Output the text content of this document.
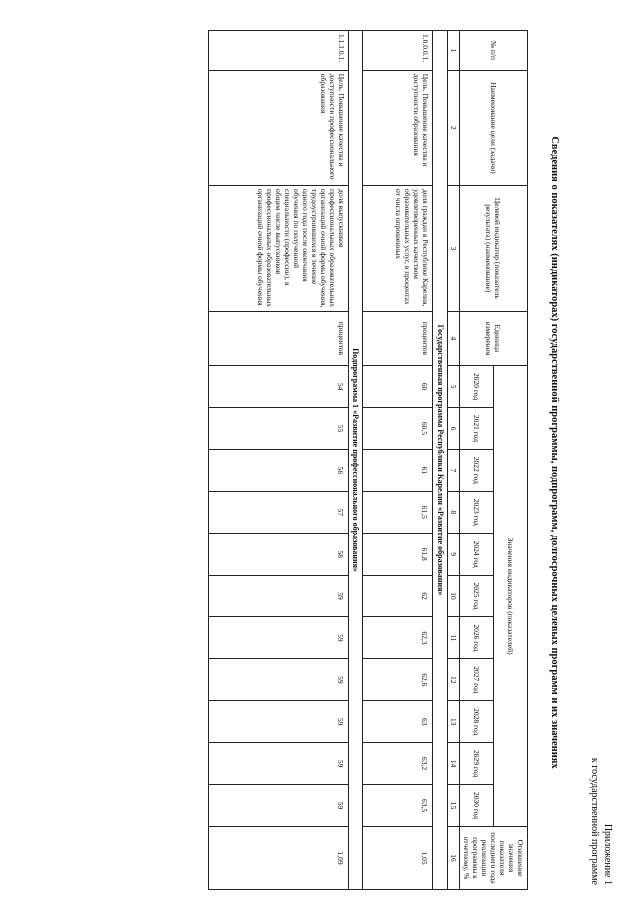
Приложение 1
к государственной программе
Сведения о показателях (индикаторах) государственной программы, подпрограмм, долгосрочных целевых программ и их значениях
№ п/п	Наименование цели (задачи)	Целевой индикатор (показатель результата) (наименование)	Единица измерения	Значения индикаторов (показателей)											Отношение значения показателя последнего года реализации программы к отчетному, %
				2020 год	2021 год	2022 год	2023 год	2024 год	2025 год	2026 год	2027 год	2028 год	2029 год	2030 год	
1	2	3	4	5	6	7	8	9	10	11	12	13	14	15	16
Государственная программа Республики Карелия «Развитие образования»															
1.0.0.0.1.	Цель. Повышение качества и доступности образования	доля граждан в Республике Карелия, удовлетворенных качеством образовательных услуг, в процентах от числа опрошенных	процентов	60	60,5	61	61,5	61,8	62	62,3	62,6	63	63,2	63,5	1,05
Подпрограмма 1 «Развитие профессионального образования»															
1.1.1.0.1.	Цель. Повышение качества и доступности профессионального образования	доля выпускников профессиональных образовательных организаций очной формы обучения, трудоустроившихся в течение одного года после окончания обучения по полученной специальности (профессии), в общем числе выпускников профессиональных образовательных организаций очной формы обучения	процентов	54	55	56	57	58	59	59	59	59	59	59	1,09
